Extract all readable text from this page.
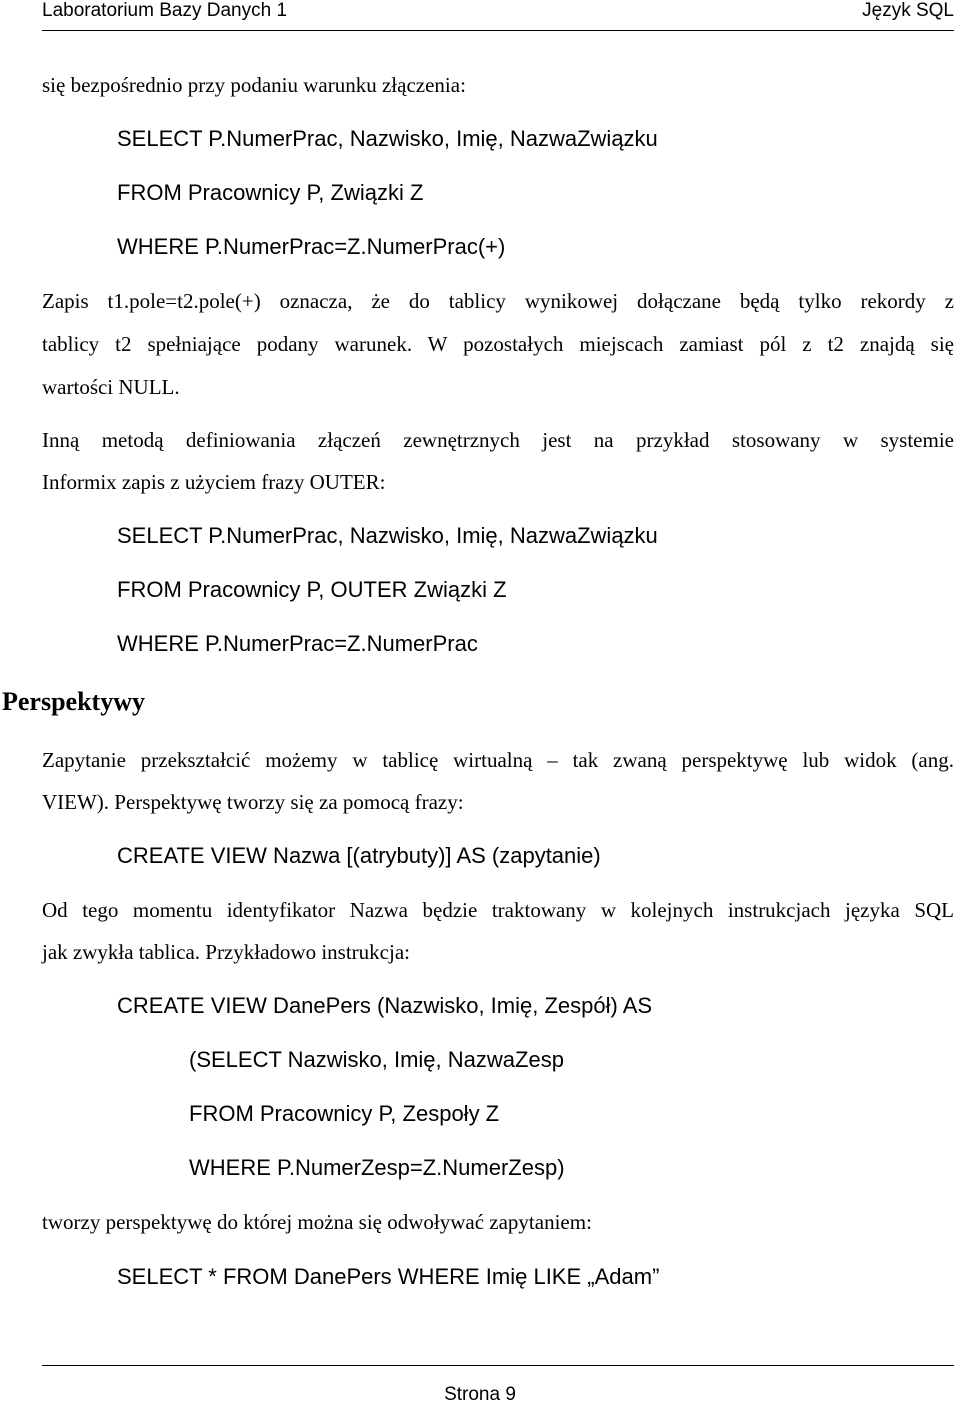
Laboratorium Bazy Danych 1	Język SQL
się bezpośrednio przy podaniu warunku złączenia:
SELECT P.NumerPrac, Nazwisko, Imię, NazwaZwiązku
FROM Pracownicy P, Związki Z
WHERE P.NumerPrac=Z.NumerPrac(+)
Zapis t1.pole=t2.pole(+) oznacza, że do tablicy wynikowej dołączane będą tylko rekordy z
tablicy t2 spełniające podany warunek. W pozostałych miejscach zamiast pól z t2 znajdą się
wartości NULL.
Inną metodą definiowania złączeń zewnętrznych jest na przykład stosowany w systemie
Informix zapis z użyciem frazy OUTER:
SELECT P.NumerPrac, Nazwisko, Imię, NazwaZwiązku
FROM Pracownicy P, OUTER Związki Z
WHERE P.NumerPrac=Z.NumerPrac
Perspektywy
Zapytanie przekształcić możemy w tablicę wirtualną – tak zwaną perspektywę lub widok (ang.
VIEW). Perspektywę tworzy się za pomocą frazy:
CREATE VIEW Nazwa [(atrybuty)] AS (zapytanie)
Od tego momentu identyfikator Nazwa będzie traktowany w kolejnych instrukcjach języka SQL
jak zwykła tablica. Przykładowo instrukcja:
CREATE VIEW DanePers (Nazwisko, Imię, Zespół) AS
(SELECT Nazwisko, Imię, NazwaZesp
FROM Pracownicy P, Zespoły Z
WHERE P.NumerZesp=Z.NumerZesp)
tworzy perspektywę do której można się odwoływać zapytaniem:
SELECT * FROM DanePers WHERE Imię LIKE „Adam”
Strona 9
